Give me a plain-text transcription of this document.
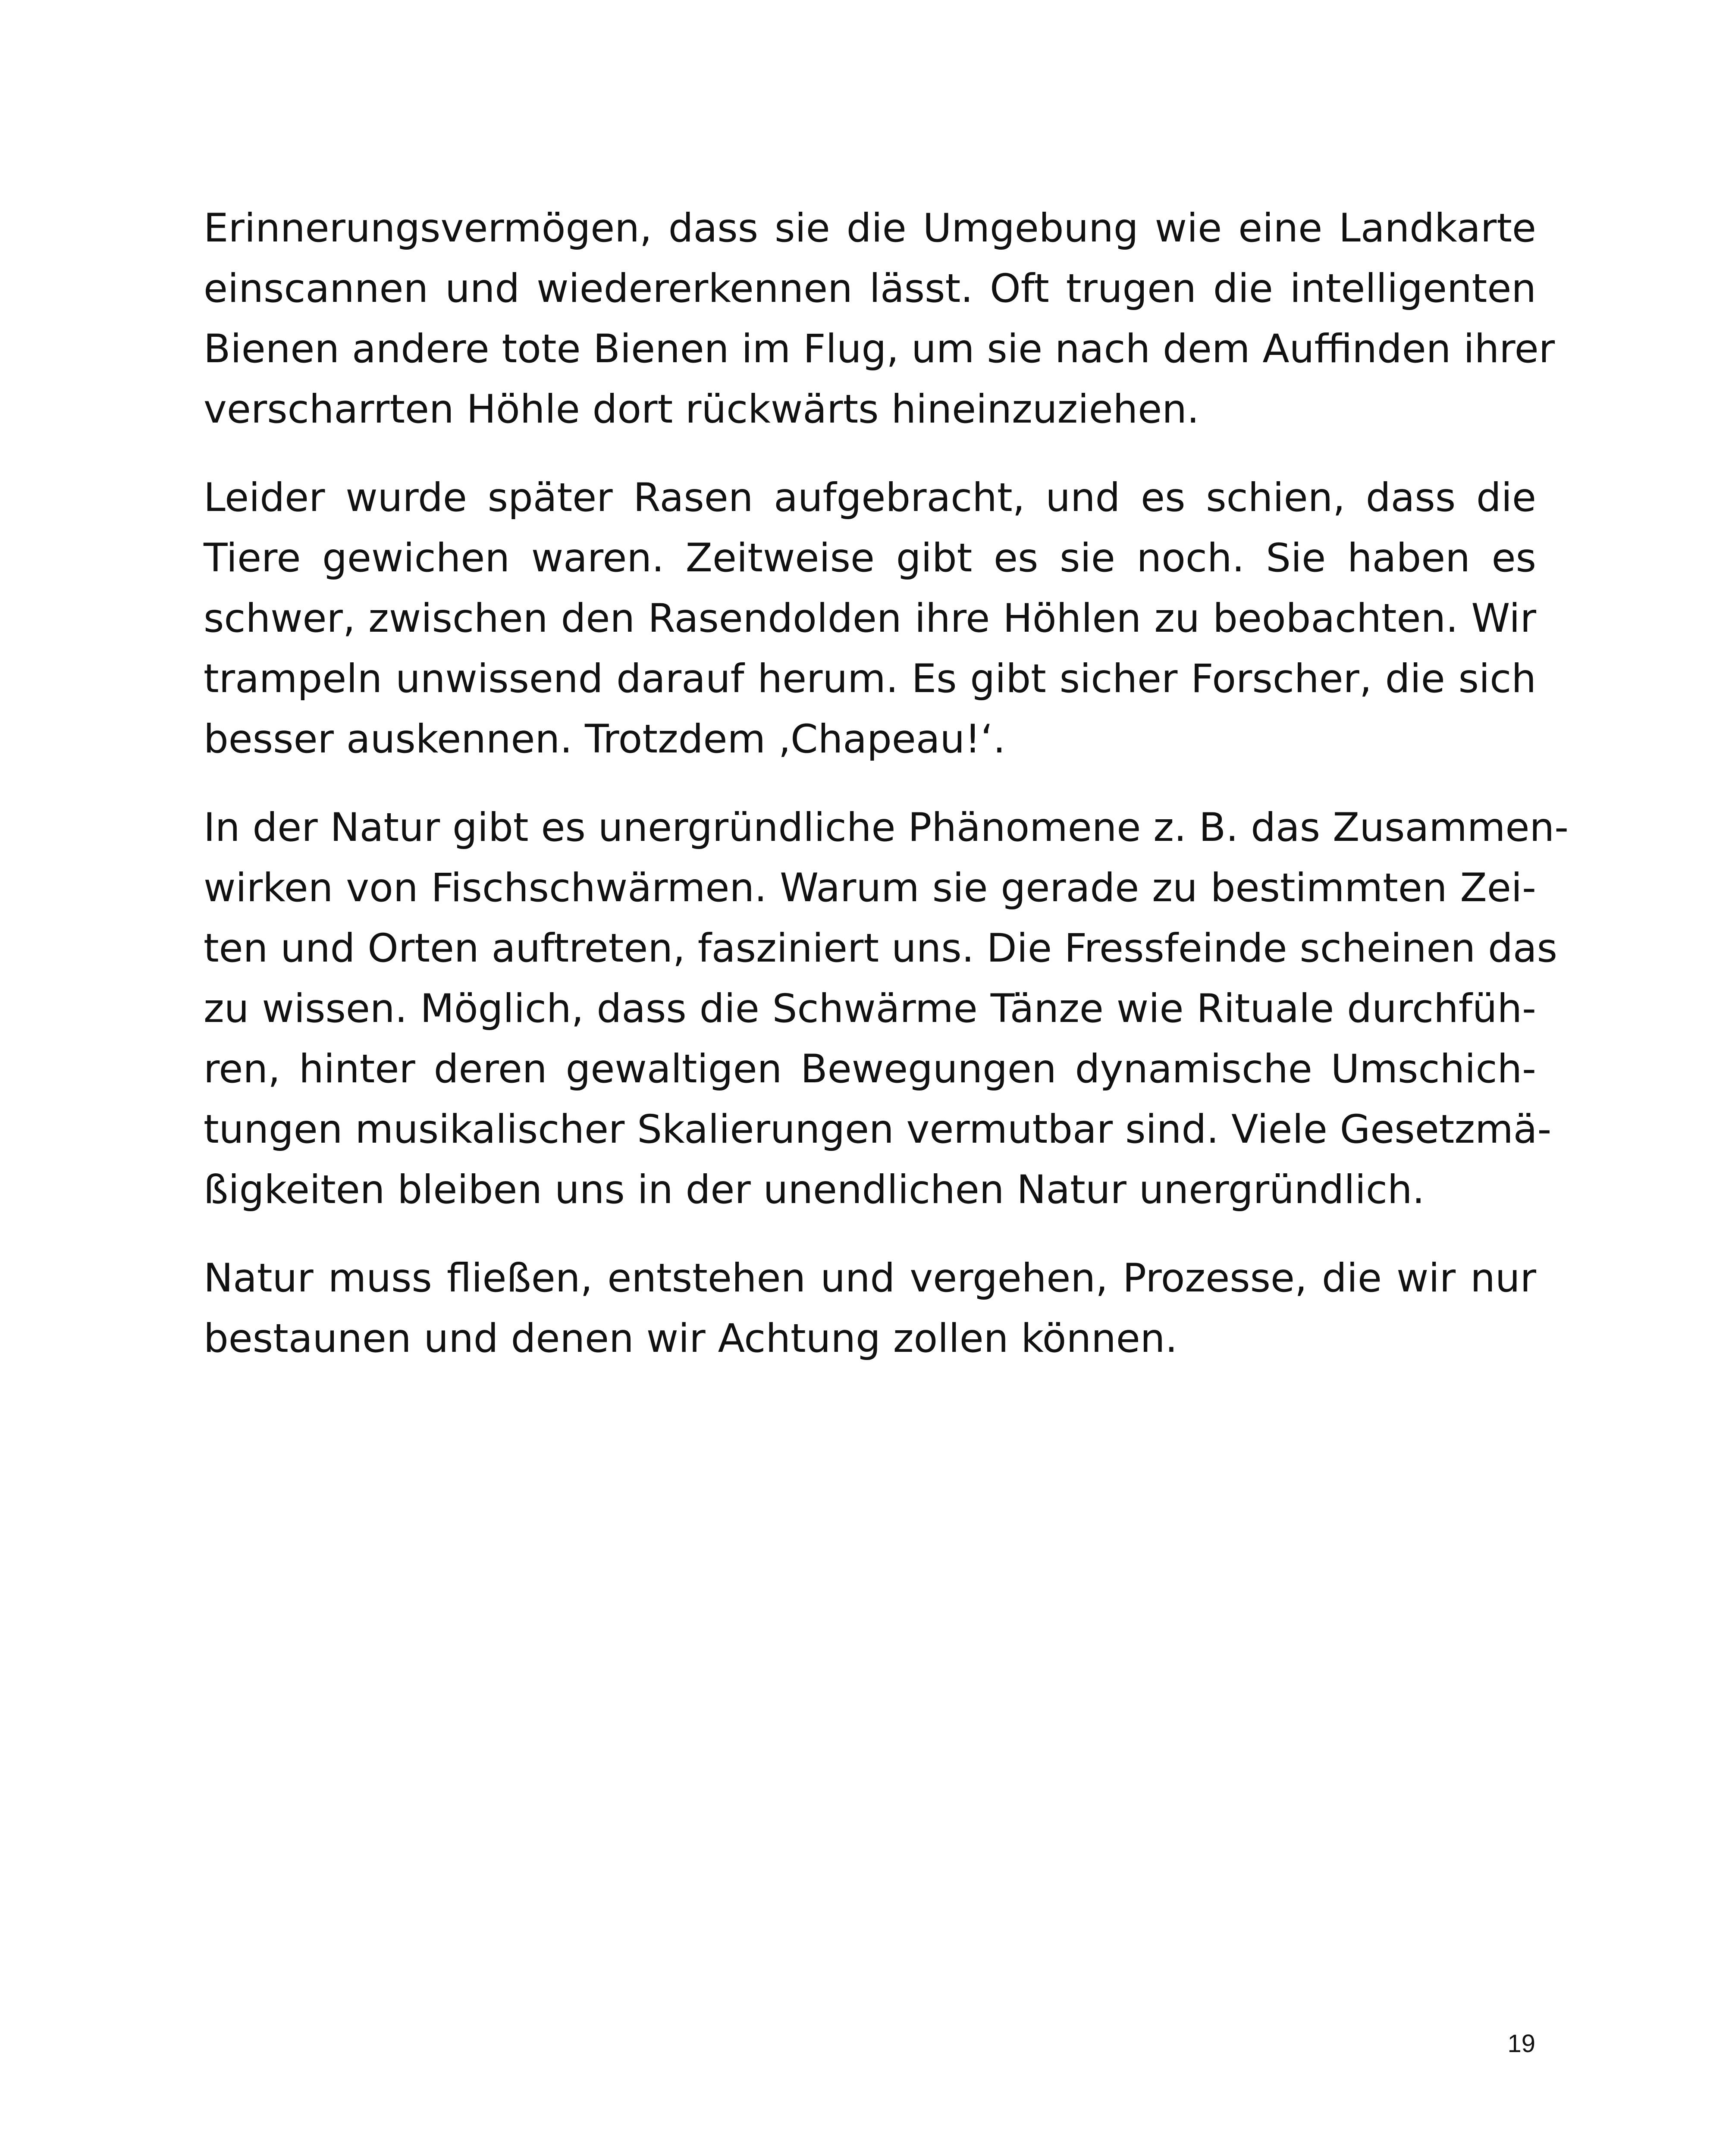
Erinnerungsvermögen, dass sie die Umgebung wie eine Landkarte
einscannen und wiedererkennen lässt. Oft trugen die intelligenten
Bienen andere tote Bienen im Flug, um sie nach dem Auffinden ihrer
verscharrten Höhle dort rückwärts hineinzuziehen.

Leider wurde später Rasen aufgebracht, und es schien, dass die
Tiere gewichen waren. Zeitweise gibt es sie noch. Sie haben es
schwer, zwischen den Rasendolden ihre Höhlen zu beobachten. Wir
trampeln unwissend darauf herum. Es gibt sicher Forscher, die sich
besser auskennen. Trotzdem ‚Chapeau!‘.

In der Natur gibt es unergründliche Phänomene z. B. das Zusammen-
wirken von Fischschwärmen. Warum sie gerade zu bestimmten Zei-
ten und Orten auftreten, fasziniert uns. Die Fressfeinde scheinen das
zu wissen. Möglich, dass die Schwärme Tänze wie Rituale durchfüh-
ren, hinter deren gewaltigen Bewegungen dynamische Umschich-
tungen musikalischer Skalierungen vermutbar sind. Viele Gesetzmä-
ßigkeiten bleiben uns in der unendlichen Natur unergründlich.

Natur muss fließen, entstehen und vergehen, Prozesse, die wir nur
bestaunen und denen wir Achtung zollen können.

19
